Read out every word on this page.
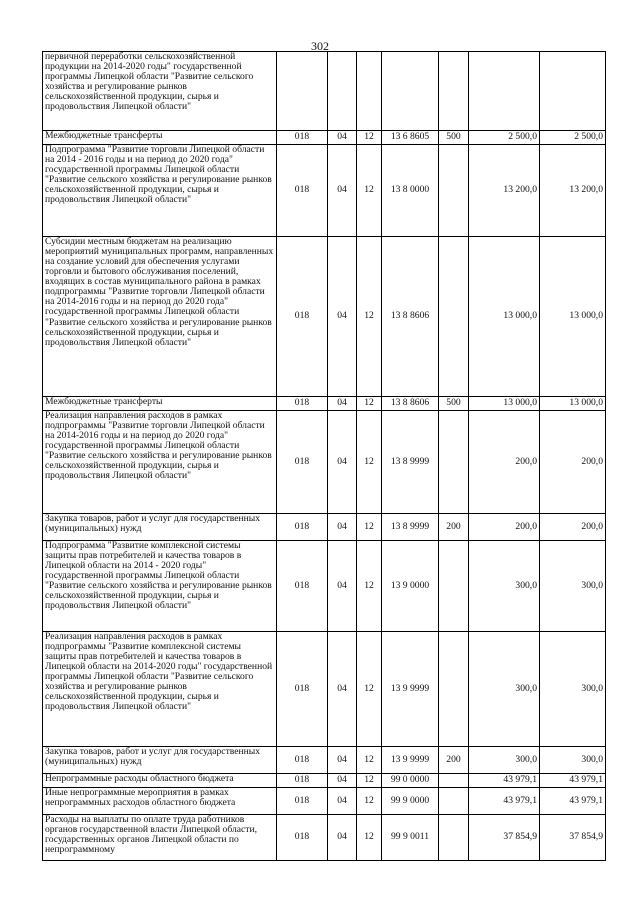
302
первичной переработки сельскохозяйственной продукции на 2014-2020 годы" государственной программы Липецкой области "Развитие сельского хозяйства и регулирование рынков сельскохозяйственной продукции, сырья и продовольствия Липецкой области"							
Межбюджетные трансферты	018	04	12	13 6 8605	500	2 500,0	2 500,0
Подпрограмма "Развитие торговли Липецкой области на 2014 - 2016 годы и на период до 2020 года" государственной программы Липецкой области "Развитие сельского хозяйства и регулирование рынков сельскохозяйственной продукции, сырья и продовольствия Липецкой области"	018	04	12	13 8 0000		13 200,0	13 200,0
Субсидии местным бюджетам на реализацию мероприятий муниципальных программ, направленных на создание условий для обеспечения услугами торговли и бытового обслуживания поселений, входящих в состав муниципального района в рамках подпрограммы "Развитие торговли Липецкой области на 2014-2016 годы и на период до 2020 года" государственной программы Липецкой области "Развитие сельского хозяйства и регулирование рынков сельскохозяйственной продукции, сырья и продовольствия Липецкой области"	018	04	12	13 8 8606		13 000,0	13 000,0
Межбюджетные трансферты	018	04	12	13 8 8606	500	13 000,0	13 000,0
Реализация направления расходов в рамках подпрограммы "Развитие торговли Липецкой области на 2014-2016 годы и на период до 2020 года" государственной программы Липецкой области "Развитие сельского хозяйства и регулирование рынков сельскохозяйственной продукции, сырья и продовольствия Липецкой области"	018	04	12	13 8 9999		200,0	200,0
Закупка товаров, работ и услуг для государственных (муниципальных) нужд	018	04	12	13 8 9999	200	200,0	200,0
Подпрограмма "Развитие комплексной системы защиты прав потребителей и качества товаров в Липецкой области на 2014 - 2020 годы" государственной программы Липецкой области "Развитие сельского хозяйства и регулирование рынков сельскохозяйственной продукции, сырья и продовольствия Липецкой области"	018	04	12	13 9 0000		300,0	300,0
Реализация направления расходов в рамках подпрограммы "Развитие комплексной системы защиты прав потребителей и качества товаров в Липецкой области на 2014-2020 годы" государственной программы Липецкой области "Развитие сельского хозяйства и регулирование рынков сельскохозяйственной продукции, сырья и продовольствия Липецкой области"	018	04	12	13 9 9999		300,0	300,0
Закупка товаров, работ и услуг для государственных (муниципальных) нужд	018	04	12	13 9 9999	200	300,0	300,0
Непрограммные расходы областного бюджета	018	04	12	99 0 0000		43 979,1	43 979,1
Иные непрограммные мероприятия в рамках непрограммных расходов областного бюджета	018	04	12	99 9 0000		43 979,1	43 979,1
Расходы на выплаты по оплате труда работников органов государственной власти Липецкой области, государственных органов Липецкой области по непрограммному	018	04	12	99 9 0011		37 854,9	37 854,9
